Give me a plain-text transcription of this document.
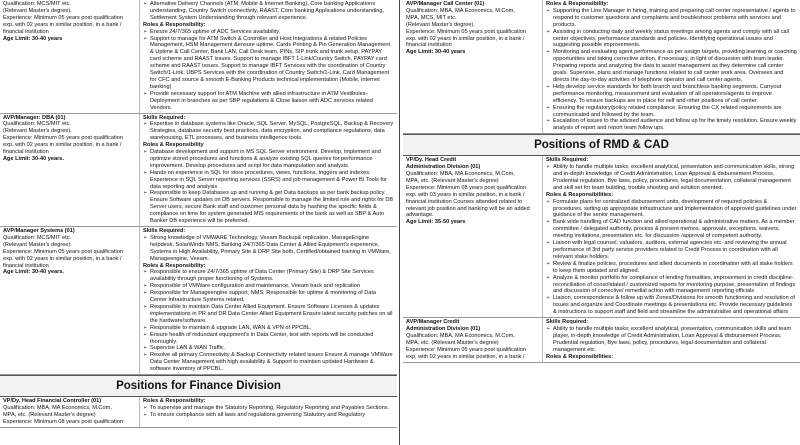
Qualification: MCS/MIT etc.
(Relevant Master's degree).
Experience: Minimum 05 years post qualification
exp. with 02 years in similar position, in a bank /
financial institution
Age Limit: 30-40 years
➢ Alternative Delivery Channels (ATM, Mobile & Internet Banking), Core banking Applications understanding, Country Switch connectivity, RAAST, Core banking Applications understanding, Settlement System Understanding through relevant experience.
Roles & Responsibility:
➢ Ensure 24/7/365 uptime of ADC Services availability.
➢ Support to manage for ATM Switch & Controller and Host Integrations & related Policies Management, HSM Management &ensure uptime, Cards Printing & Pin Generation Management & Uptime & Call Center, Bank LAN, Call Desk team, PINs, SIP trunk and trunk setup, PAYPAY card scheme and RAAST issues. Support to manage IBFT 1-Link/Country Switch, PAYPAY card scheme and RAAST issues. Support to manage IBFT Services with the coordination of Country Switch/1-Link, UBPS Services with the coordination of Country Switch/1-Link, Card Management for CFC and source & smooth E-Banking Products technical implementation (Mobile, internet banking)
➢ Provide necessary support for ATM Machine with allied infrastructure in ATM Vestibules-Deployment in branches as per SBP regulations & Close liaison with ADC services related Vendors.
AVP/Manager: DBA (01)
Qualification: MCS/MIT etc.
(Relevant Master's degree).
Experience: Minimum 05 years post qualification
exp. with 02 years in similar position, in a bank /
financial institution
Age Limit: 30-40 years.
Skills Required:
➢ Expertise in database systems like Oracle, SQL Server, MySQL, PostgreSQL, Backup & Recovery Strategies, database security best practices, data encryption, and compliance regulations, data warehousing, ETL processes, and business intelligence tools.
Roles & Responsibility
➢ Database development and support in MS SQL Server environment. Develop, implement and optimize stored procedures and functions & analyze existing SQL queries for performance improvement. Develop procedures and script for data manipulation and analysis.
➢ Hands on experience in SQL for store procedures, views, functions, triggers and indexes. Experience in SQL Server reporting services (SSRS) and job management & Power BI Tools for data reporting and analysis
➢ Responsible to keep Databases up and running & get Data backups as per bank backup policy. Ensure Software updates on DB servers. Responsible to manage the limited role and rights for DB Server users, secure Bank staff and customer personal data by hashing the specific fields & compliance on time for system generated MIS requirements of the bank as well as SBP & Auto Banker DB experience will be preferred.
AVP/Manager Systems (01)
Qualification: MCS/MIT etc.
(Relevant Master's degree).
Experience: Minimum 05 years post qualification
exp. with 02 years in similar position, in a bank /
financial institution
Age Limit: 30-40 years.
Skills Required:
➢ Strong knowledge of VMWARE Technology, Veeam Backup& replication, ManageEngine helpdesk, SolarWinds NMS, Banking 24/7/365 Data Center & Allied Equipment's experience, Systems in High Availability, Primary Site & DRP Site both, Certified/obtained training in VMWare, Manageengine, Veeam.
Roles & Responsibility:
➢ Responsible to ensure 24/7/365 uptime of Data Center (Primary Site) & DRP Site Services availability through proper functioning of Systems.
➢ Responsible of VMWare configuration and maintenance, Veeam back and replication
➢ Responsible for Manageengine support, NMS. Responsible for uptime & monitoring of Data Center Infrastructure Systems related.
➢ Responsible to maintain Data Center Allied Equipment. Ensure Software Licenses & updates implementations in PR and DR Data Center Allied Equipment Ensure latest security patches on all the hardware/software.
➢ Responsible to maintain & upgrade LAN, WAN & VPN of PPCBL.
➢ Ensure health of redundant equipment's in Data Center, test with reports will be conducted thoroughly.
➢ Supervise LAN & WAN Traffic.
➢ Resolve all primary Connectivity & Backup Connectivity related issues Ensure & manage VMWare Data Center Management with high availability & Support to maintain updated Hardware & software inventory of PPCBL.
Positions for Finance Division
VP/Dy. Head Financial Controller (01)
Qualification: MBA, MA Economics, M.Com,
MPA, etc. (Relevant Master's degree)
Experience: Minimum 08 years post qualification
Roles & Responsibility:
➢ To supervise and manage the Statutory Reporting, Regulatory Reporting and Payables Sections.
➢ To ensure compliance with all laws and regulations governing Statutory and Regulatory
AVP/Manager Call Center (01)
Qualification: MBA, MA Economics, M.Com,
MPA, MCS, MIT etc.
(Relevant Master's degree).
Experience: Minimum 05 years post qualification
exp. with 02 years in similar position, in a bank /
financial institution
Age Limit: 30-40 years
Roles & Responsibility:
➢ Supporting the Line Manager in hiring, training and preparing call center representative / agents to respond to customer questions and complaints and troubleshoot problems with services and products.
➢ Assisting in conducting daily and weekly status meetings among agents and comply with all call center objectives, performance standards and policies. Identifying operational issues and suggesting possible improvements.
➢ Monitoring and evaluating agent performance as per assign targets, providing learning or coaching opportunities and taking corrective action, if necessary, in light of discussion with team leader. Preparing reports and analyzing the data to assist management as they determine call center goals. Supervise, plans and manage functions related to call center work area. Oversees and directs the day-to-day activities of telephone operator and call center agents.
➢ Help develop service standards for both branch and branchless banking segments. Carryout performance monitoring, measurement and evaluation of all operators/agents to improve efficiency. To ensure backups are in place for self and other positions of call center.
➢ Ensuring the regulatory/policy related compliance. Ensuring the CX related requirements are communicated and followed by the team.
➢ Escalation of issues to the advised audience and follow up for the timely resolution. Ensure weekly analysis of report and report team follow ups.
Positions of RMD & CAD
VP/Dy. Head Credit
Administration Division (01)
Qualification: MBA, MA Economics, M.Com,
MPA, etc. (Relevant Master's degree)
Experience: Minimum 08 years post qualification
exp. with 03 years in similar position, in a bank /
financial institution Courses attended related to
relevant job position and banking will be an added
advantage.
Age Limit: 35-50 years
Skills Required:
➢ Ability to handle multiple tasks; excellent analytical, presentation and communication skills, strong and in-depth knowledge of Credit Administration, Loan Approval & disbursement Process, Prudential regulation, Bye laws, policy, procedures, legal documentation, collateral management and skill set for team building, trouble shooting and solution oriented.
Roles & Responsibilities:
➢ Formulate plans for centralized disbursement units, development of required policies & procedures, setting up appropriate infrastructure and implementation of approved guidelines under guidance of the senior management.
➢ Bank wide handling of CAD function and allied operational & administrative matters. As a member committee / delegated authority, process & present memos, approvals, exceptions, waivers, meeting invitations, presentation etc. for discussion /approval of competent authority.
➢ Liaison with legal counsel, valuators, auditors, external agencies etc. and reviewing the annual performance of 3rd party service providers related to Credit Process in coordination with all relevant stake holders.
➢ Review & finalize policies, procedures and allied documents in coordination with all stake holders to keep them updated and aligned.
➢ Analyze & monitor portfolio for compliance of lending formalities, improvement in credit discipline-reconciliation of consolidated / customized reports for monitoring purpose, presentation of findings and discussion of corrective/ remedial action with management/ reporting officials
➢ Liaison, correspondence & follow up with Zones/Divisions for smooth functioning and resolution of issues and organize and Coordinate meetings & presentations etc. Provide necessary guidelines & instructions to support staff and field and streamline the administrative and operational affairs
AVP/Manager Credit
Administration Division (01)
Qualification: MBA, MA Economics, M.Com,
MPA, etc. (Relevant Master's degree)
Experience: Minimum 05 years post qualification
exp. with 02 years in similar position, in a bank /
Skills Required:
➢ Ability to handle multiple tasks; excellent analytical, presentation, communication skills and team player, in-depth knowledge of Credit Administration, Loan Approval & disbursement Process, Prudential regulation, Bye laws, policy, procedures, legal documentation and collateral management etc.
Roles & Responsibilities:
